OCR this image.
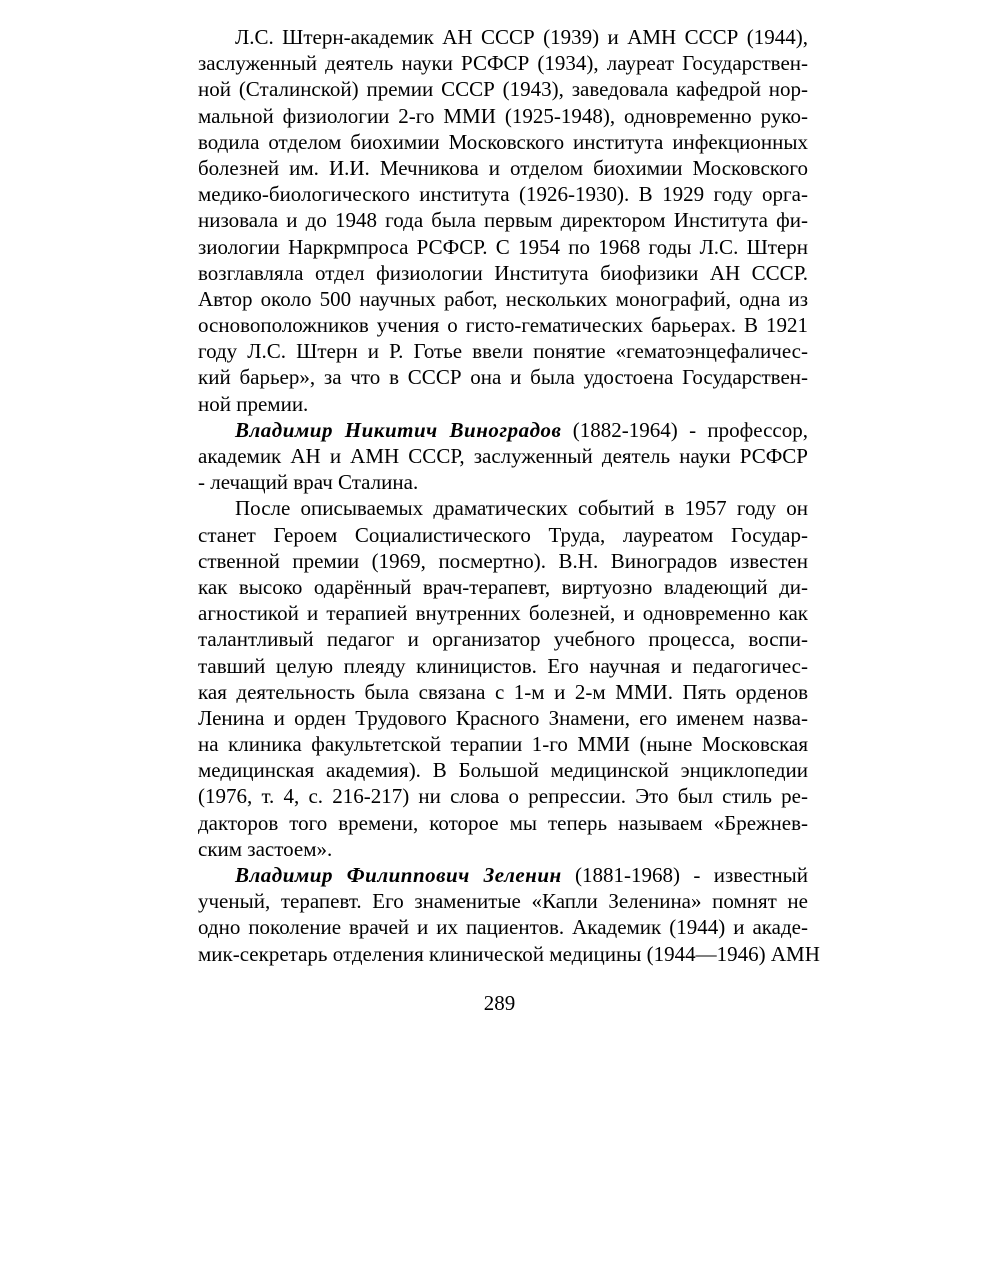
Л.С. Штерн-академик АН СССР (1939) и АМН СССР (1944),
заслуженный деятель науки РСФСР (1934), лауреат Государствен-
ной (Сталинской) премии СССР (1943), заведовала кафедрой нор-
мальной физиологии 2-го ММИ (1925-1948), одновременно руко-
водила отделом биохимии Московского института инфекционных
болезней им. И.И. Мечникова и отделом биохимии Московского
медико-биологического института (1926-1930). В 1929 году орга-
низовала и до 1948 года была первым директором Института фи-
зиологии Наркрмпроса РСФСР. С 1954 по 1968 годы Л.С. Штерн
возглавляла отдел физиологии Института биофизики АН СССР.
Автор около 500 научных работ, нескольких монографий, одна из
основоположников учения о гисто-гематических барьерах. В 1921
году Л.С. Штерн и Р. Готье ввели понятие «гематоэнцефаличес-
кий барьер», за что в СССР она и была удостоена Государствен-
ной премии.
Владимир Никитич Виноградов (1882-1964) - профессор,
академик АН и АМН СССР, заслуженный деятель науки РСФСР
- лечащий врач Сталина.
После описываемых драматических событий в 1957 году он
станет Героем Социалистического Труда, лауреатом Государ-
ственной премии (1969, посмертно). В.Н. Виноградов известен
как высоко одарённый врач-терапевт, виртуозно владеющий ди-
агностикой и терапией внутренних болезней, и одновременно как
талантливый педагог и организатор учебного процесса, воспи-
тавший целую плеяду клиницистов. Его научная и педагогичес-
кая деятельность была связана с 1-м и 2-м ММИ. Пять орденов
Ленина и орден Трудового Красного Знамени, его именем назва-
на клиника факультетской терапии 1-го ММИ (ныне Московская
медицинская академия). В Большой медицинской энциклопедии
(1976, т. 4, с. 216-217) ни слова о репрессии. Это был стиль ре-
дакторов того времени, которое мы теперь называем «Брежнев-
ским застоем».
Владимир Филиппович Зеленин (1881-1968) - известный
ученый, терапевт. Его знаменитые «Капли Зеленина» помнят не
одно поколение врачей и их пациентов. Академик (1944) и акаде-
мик-секретарь отделения клинической медицины (1944—1946) АМН
289
